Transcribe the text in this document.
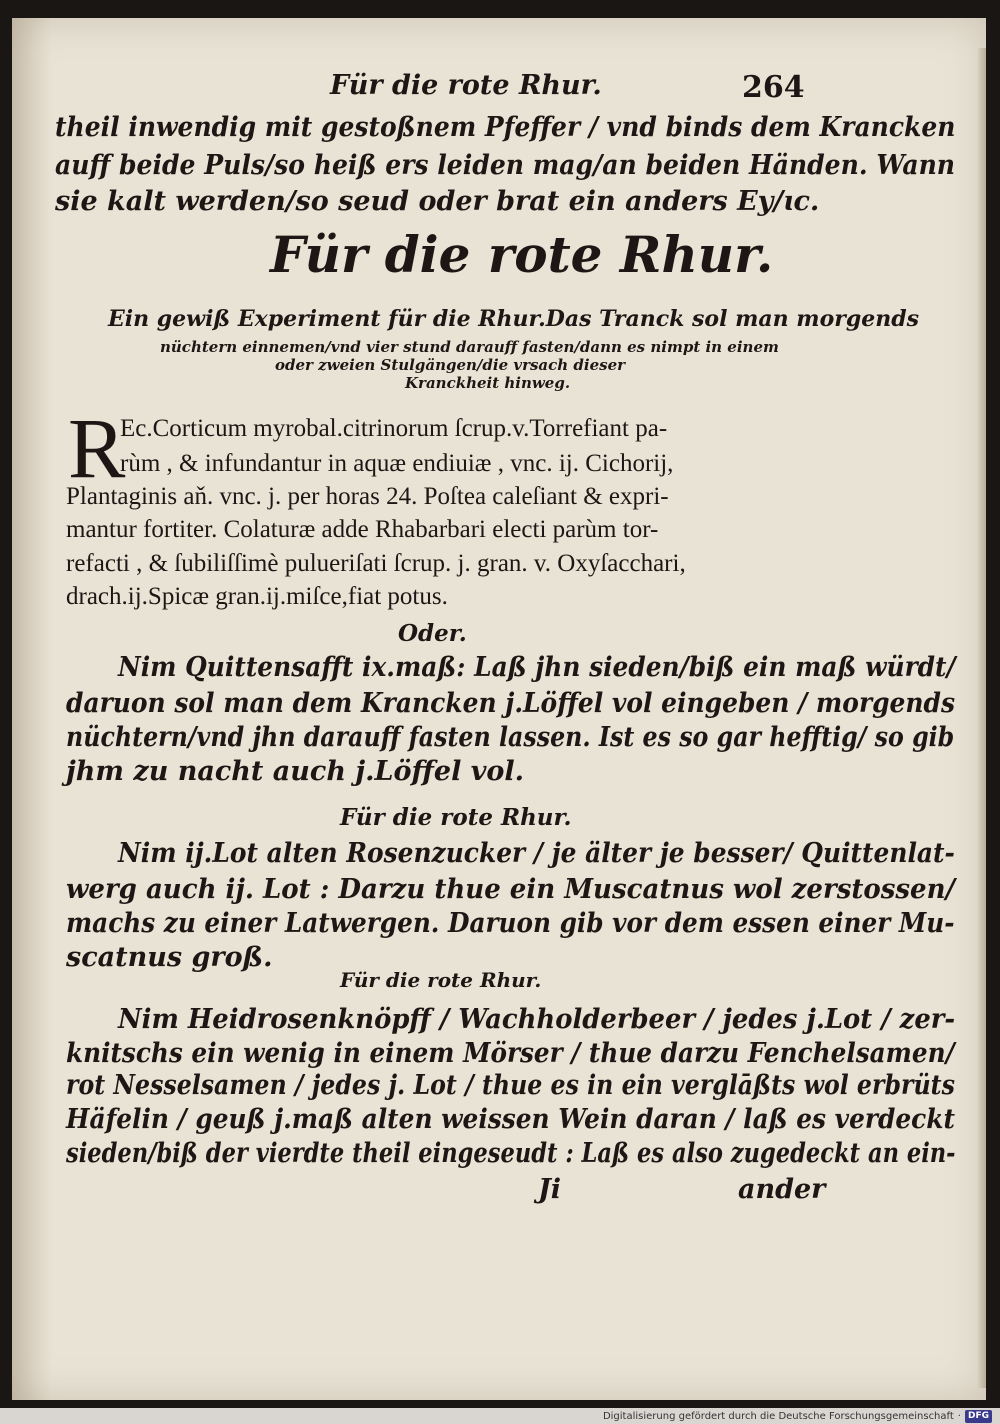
Für die rote Rhur.	264
theil inwendig mit gestoßnem Pfeffer / vnd binds dem Krancken
auff beide Puls/so heiß ers leiden mag/an beiden Händen. Wann
sie kalt werden/so seud oder brat ein anders Ey/ɩc.
Für die rote Rhur.
Ein gewiß Experiment für die Rhur.Das Tranck sol man morgends
nüchtern einnemen/vnd vier stund darauff fasten/dann es nimpt in einem
oder zweien Stulgängen/die vrsach dieser
Kranckheit hinweg.
R
Ec.Corticum myrobal.citrinorum ſcrup.v.Torrefiant pa-
rùm , & infundantur in aquæ endiuiæ , vnc. ij. Cichorij,
Plantaginis aň. vnc. j. per horas 24. Poſtea caleſiant & expri-
mantur fortiter. Colaturæ adde Rhabarbari electi parùm tor-
refacti , & ſubiliſſimè pulueriſati ſcrup. j. gran. v. Oxyſacchari,
drach.ij.Spicæ gran.ij.miſce,fiat potus.
Oder.
Nim Quittensafft ix.maß: Laß jhn sieden/biß ein maß würdt/
daruon sol man dem Krancken j.Löffel vol eingeben / morgends
nüchtern/vnd jhn darauff fasten lassen. Ist es so gar hefftig/ so gib
jhm zu nacht auch j.Löffel vol.
Für die rote Rhur.
Nim ij.Lot alten Rosenzucker / je älter je besser/ Quittenlat-
werg auch ij. Lot : Darzu thue ein Muscatnus wol zerstossen/
machs zu einer Latwergen. Daruon gib vor dem essen einer Mu-
scatnus groß.
Für die rote Rhur.
Nim Heidrosenknöpff / Wachholderbeer / jedes j.Lot / zer-
knitschs ein wenig in einem Mörser / thue darzu Fenchelsamen/
rot Nesselsamen / jedes j. Lot / thue es in ein verglāßts wol erbrüts
Häfelin / geuß j.maß alten weissen Wein daran / laß es verdeckt
sieden/biß der vierdte theil eingeseudt : Laß es also zugedeckt an ein-
Ji	ander
Digitalisierung gefördert durch die Deutsche Forschungsgemeinschaft · DFG
